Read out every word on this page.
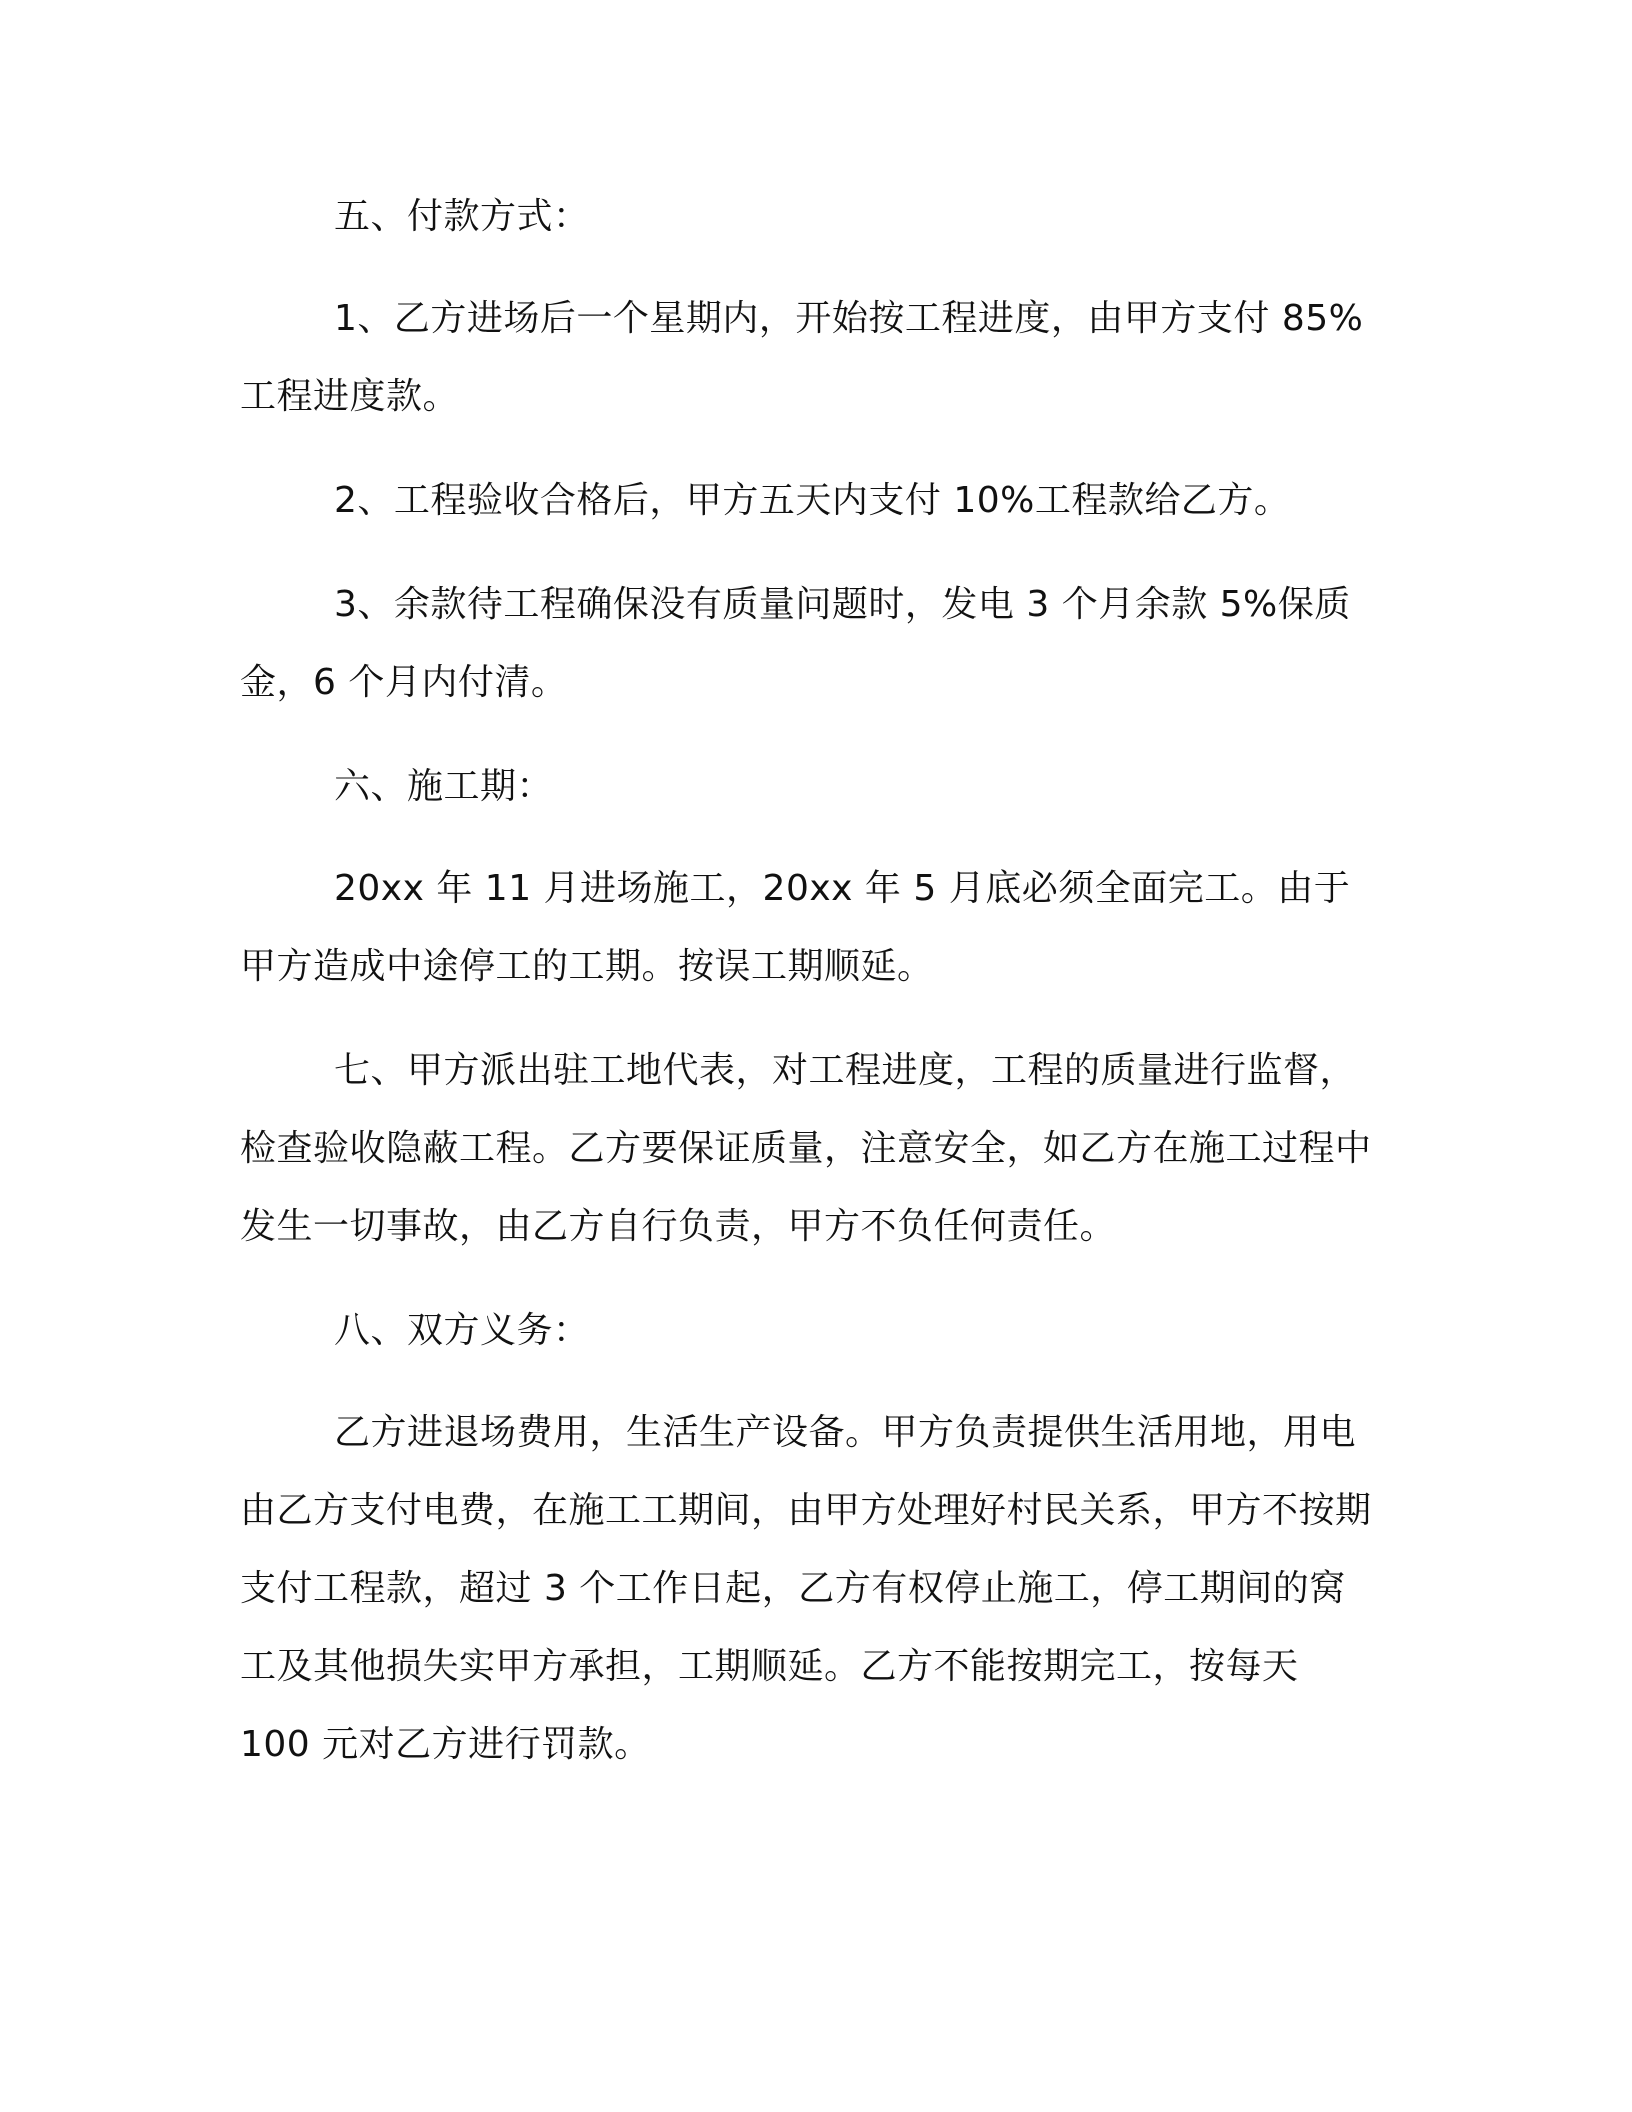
五、付款方式：

1、乙方进场后一个星期内，开始按工程进度，由甲方支付 85%工程进度款。

2、工程验收合格后，甲方五天内支付 10%工程款给乙方。

3、余款待工程确保没有质量问题时，发电 3 个月余款 5%保质金，6 个月内付清。

六、施工期：

20xx 年 11 月进场施工，20xx 年 5 月底必须全面完工。由于甲方造成中途停工的工期。按误工期顺延。

七、甲方派出驻工地代表，对工程进度，工程的质量进行监督，检查验收隐蔽工程。乙方要保证质量，注意安全，如乙方在施工过程中发生一切事故，由乙方自行负责，甲方不负任何责任。

八、双方义务：

乙方进退场费用，生活生产设备。甲方负责提供生活用地，用电由乙方支付电费，在施工工期间，由甲方处理好村民关系，甲方不按期支付工程款，超过 3 个工作日起，乙方有权停止施工，停工期间的窝工及其他损失实甲方承担，工期顺延。乙方不能按期完工，按每天 100 元对乙方进行罚款。
